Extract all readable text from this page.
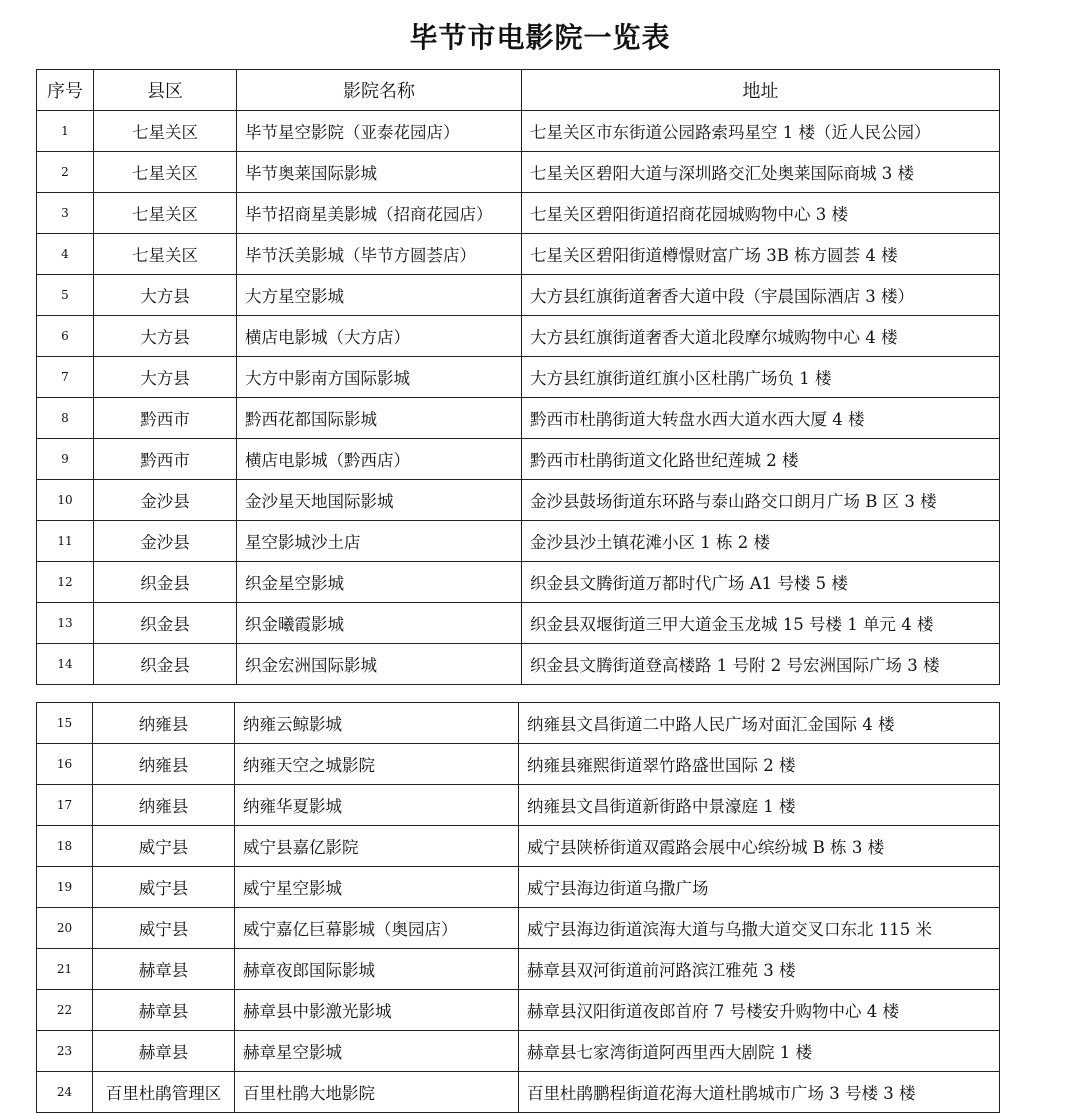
毕节市电影院一览表
序号	县区	影院名称	地址
1	七星关区	毕节星空影院（亚泰花园店）	七星关区市东街道公园路索玛星空 1 楼（近人民公园）
2	七星关区	毕节奥莱国际影城	七星关区碧阳大道与深圳路交汇处奥莱国际商城 3 楼
3	七星关区	毕节招商星美影城（招商花园店）	七星关区碧阳街道招商花园城购物中心 3 楼
4	七星关区	毕节沃美影城（毕节方圆荟店）	七星关区碧阳街道樽憬财富广场 3B 栋方圆荟 4 楼
5	大方县	大方星空影城	大方县红旗街道奢香大道中段（宇晨国际酒店 3 楼）
6	大方县	横店电影城（大方店）	大方县红旗街道奢香大道北段摩尔城购物中心 4 楼
7	大方县	大方中影南方国际影城	大方县红旗街道红旗小区杜鹃广场负 1 楼
8	黔西市	黔西花都国际影城	黔西市杜鹃街道大转盘水西大道水西大厦 4 楼
9	黔西市	横店电影城（黔西店）	黔西市杜鹃街道文化路世纪莲城 2 楼
10	金沙县	金沙星天地国际影城	金沙县鼓场街道东环路与泰山路交口朗月广场 B 区 3 楼
11	金沙县	星空影城沙土店	金沙县沙土镇花滩小区 1 栋 2 楼
12	织金县	织金星空影城	织金县文腾街道万都时代广场 A1 号楼 5 楼
13	织金县	织金曦霞影城	织金县双堰街道三甲大道金玉龙城 15 号楼 1 单元 4 楼
14	织金县	织金宏洲国际影城	织金县文腾街道登高楼路 1 号附 2 号宏洲国际广场 3 楼
15	纳雍县	纳雍云鲸影城	纳雍县文昌街道二中路人民广场对面汇金国际 4 楼
16	纳雍县	纳雍天空之城影院	纳雍县雍熙街道翠竹路盛世国际 2 楼
17	纳雍县	纳雍华夏影城	纳雍县文昌街道新街路中景濠庭 1 楼
18	威宁县	威宁县嘉亿影院	威宁县陕桥街道双霞路会展中心缤纷城 B 栋 3 楼
19	威宁县	威宁星空影城	威宁县海边街道乌撒广场
20	威宁县	威宁嘉亿巨幕影城（奥园店）	威宁县海边街道滨海大道与乌撒大道交叉口东北 115 米
21	赫章县	赫章夜郎国际影城	赫章县双河街道前河路滨江雅苑 3 楼
22	赫章县	赫章县中影激光影城	赫章县汉阳街道夜郎首府 7 号楼安升购物中心 4 楼
23	赫章县	赫章星空影城	赫章县七家湾街道阿西里西大剧院 1 楼
24	百里杜鹃管理区	百里杜鹃大地影院	百里杜鹃鹏程街道花海大道杜鹃城市广场 3 号楼 3 楼
